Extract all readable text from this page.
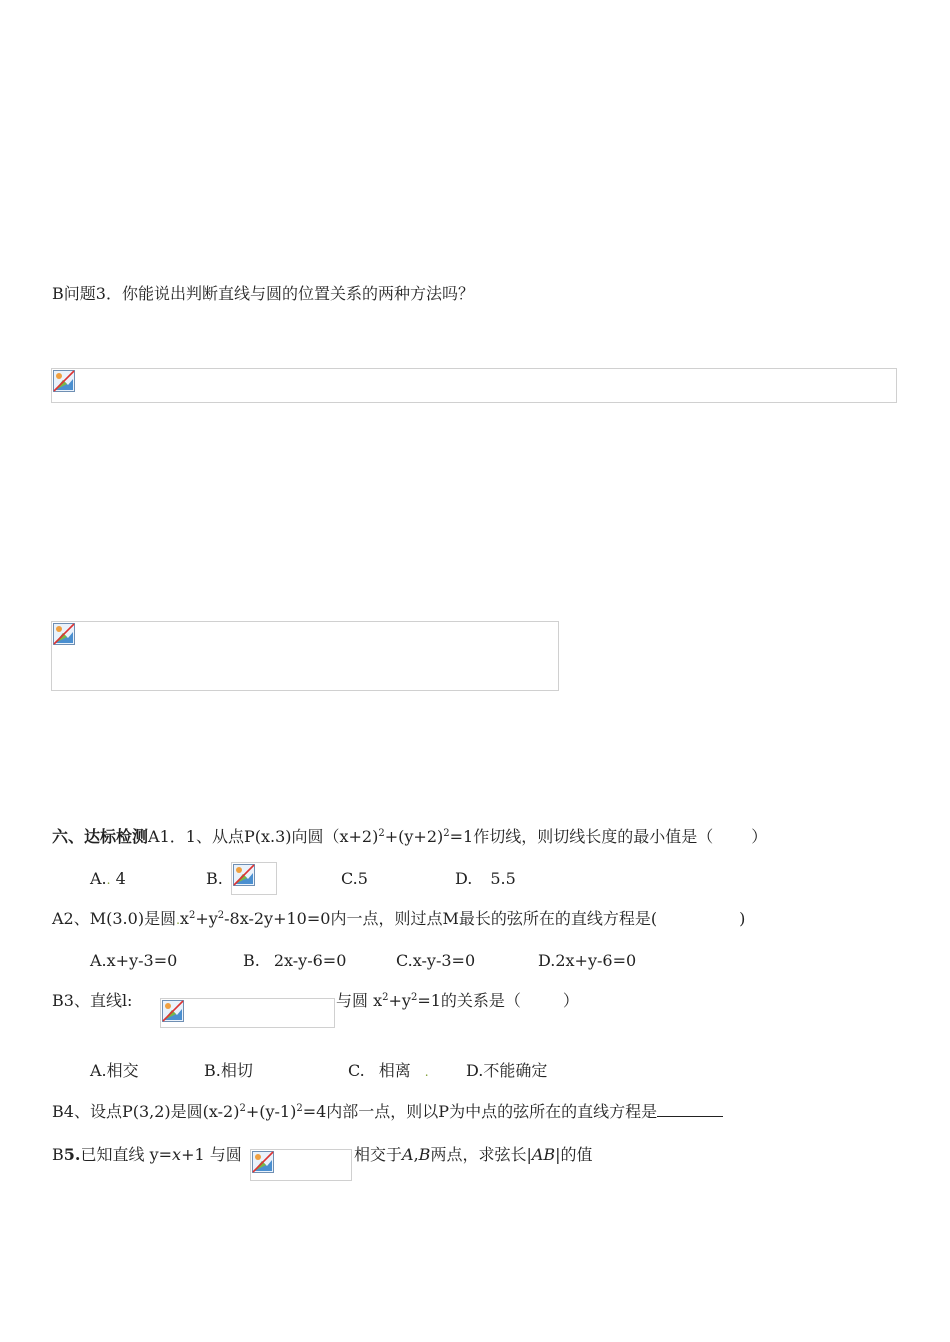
B问题3．你能说出判断直线与圆的位置关系的两种方法吗？
六、达标检测A1．1、从点P(x.3)向圆$(x+2)^2+(y+2)^2=1$作切线，则切线长度的最小值是（ ）
A.. 4	B.	C.5	D. 5.5
A2、M(3.0)是圆$.x^2+y^2-8x-2y+10=0$内一点，则过点M最长的弦所在的直线方程是(	)
A.x+y-3=0	B. 2x-y-6=0	C.x-y-3=0	D.2x+y-6=0
B3、直线l:	与圆 $x^2+y^2=1$的关系是（	）
A.相交	B.相切	C. 相离 . D.不能确定
B4、设点P(3,2)是圆$(x-2)^2+(y-1)^2=4$内部一点，则以P为中点的弦所在的直线方程是
B5.已知直线 y=x+1 与圆	相交于A,B两点，求弦长|AB|的值
